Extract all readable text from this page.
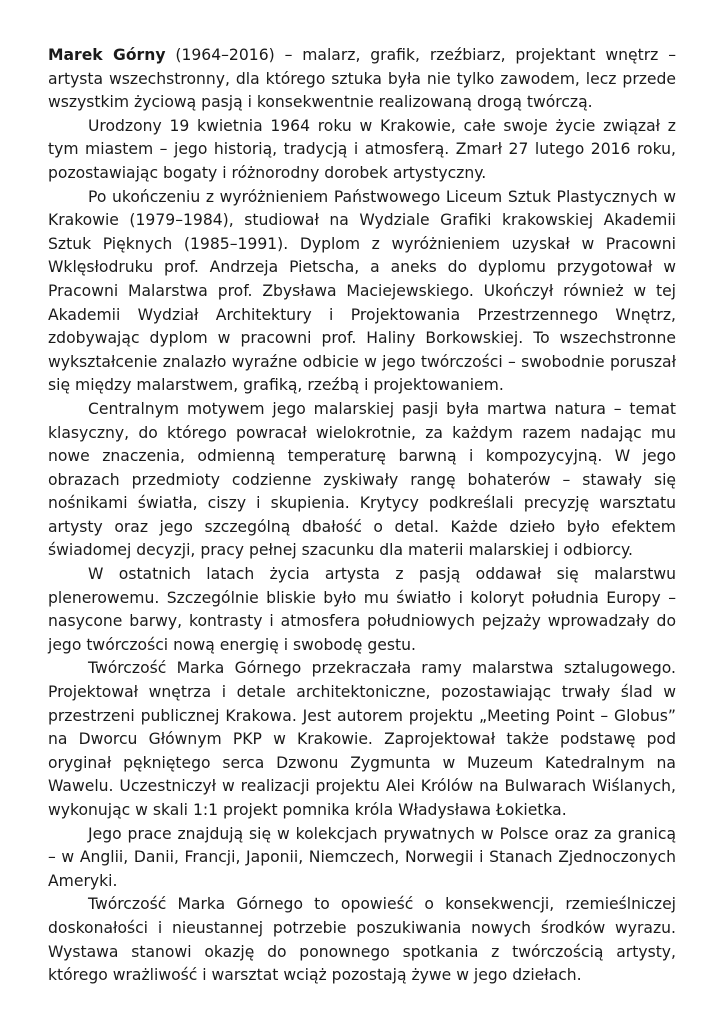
Marek Górny (1964–2016) – malarz, grafik, rzeźbiarz, projektant wnętrz – artysta wszechstronny, dla którego sztuka była nie tylko zawodem, lecz przede wszystkim życiową pasją i konsekwentnie realizowaną drogą twórczą.

Urodzony 19 kwietnia 1964 roku w Krakowie, całe swoje życie związał z tym miastem – jego historią, tradycją i atmosferą. Zmarł 27 lutego 2016 roku, pozostawiając bogaty i różnorodny dorobek artystyczny.

Po ukończeniu z wyróżnieniem Państwowego Liceum Sztuk Plastycznych w Krakowie (1979–1984), studiował na Wydziale Grafiki krakowskiej Akademii Sztuk Pięknych (1985–1991). Dyplom z wyróżnieniem uzyskał w Pracowni Wklęsłodruku prof. Andrzeja Pietscha, a aneks do dyplomu przygotował w Pracowni Malarstwa prof. Zbysława Maciejewskiego. Ukończył również w tej Akademii Wydział Architektury i Projektowania Przestrzennego Wnętrz, zdobywając dyplom w pracowni prof. Haliny Borkowskiej. To wszechstronne wykształcenie znalazło wyraźne odbicie w jego twórczości – swobodnie poruszał się między malarstwem, grafiką, rzeźbą i projektowaniem.

Centralnym motywem jego malarskiej pasji była martwa natura – temat klasyczny, do którego powracał wielokrotnie, za każdym razem nadając mu nowe znaczenia, odmienną temperaturę barwną i kompozycyjną. W jego obrazach przedmioty codzienne zyskiwały rangę bohaterów – stawały się nośnikami światła, ciszy i skupienia. Krytycy podkreślali precyzję warsztatu artysty oraz jego szczególną dbałość o detal. Każde dzieło było efektem świadomej decyzji, pracy pełnej szacunku dla materii malarskiej i odbiorcy.

W ostatnich latach życia artysta z pasją oddawał się malarstwu plenerowemu. Szczególnie bliskie było mu światło i koloryt południa Europy – nasycone barwy, kontrasty i atmosfera południowych pejzaży wprowadzały do jego twórczości nową energię i swobodę gestu.

Twórczość Marka Górnego przekraczała ramy malarstwa sztalugowego. Projektował wnętrza i detale architektoniczne, pozostawiając trwały ślad w przestrzeni publicznej Krakowa. Jest autorem projektu „Meeting Point – Globus” na Dworcu Głównym PKP w Krakowie. Zaprojektował także podstawę pod oryginał pękniętego serca Dzwonu Zygmunta w Muzeum Katedralnym na Wawelu. Uczestniczył w realizacji projektu Alei Królów na Bulwarach Wiślanych, wykonując w skali 1:1 projekt pomnika króla Władysława Łokietka.

Jego prace znajdują się w kolekcjach prywatnych w Polsce oraz za granicą – w Anglii, Danii, Francji, Japonii, Niemczech, Norwegii i Stanach Zjednoczonych Ameryki.

Twórczość Marka Górnego to opowieść o konsekwencji, rzemieślniczej doskonałości i nieustannej potrzebie poszukiwania nowych środków wyrazu. Wystawa stanowi okazję do ponownego spotkania z twórczością artysty, którego wrażliwość i warsztat wciąż pozostają żywe w jego dziełach.
